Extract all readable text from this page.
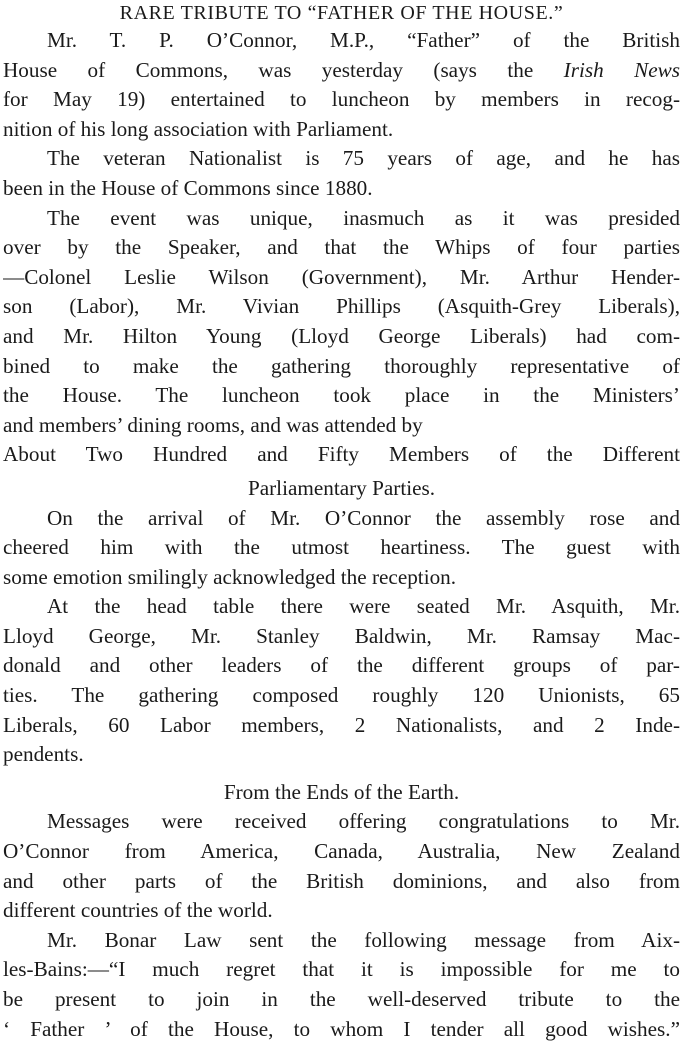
RARE TRIBUTE TO “FATHER OF THE HOUSE.”
Mr. T. P. O’Connor, M.P., “Father” of the British
House of Commons, was yesterday (says the Irish News
for May 19) entertained to luncheon by members in recog-
nition of his long association with Parliament.
The veteran Nationalist is 75 years of age, and he has
been in the House of Commons since 1880.
The event was unique, inasmuch as it was presided
over by the Speaker, and that the Whips of four parties
—Colonel Leslie Wilson (Government), Mr. Arthur Hender-
son (Labor), Mr. Vivian Phillips (Asquith-Grey Liberals),
and Mr. Hilton Young (Lloyd George Liberals) had com-
bined to make the gathering thoroughly representative of
the House. The luncheon took place in the Ministers’
and members’ dining rooms, and was attended by
About Two Hundred and Fifty Members of the Different
Parliamentary Parties.
On the arrival of Mr. O’Connor the assembly rose and
cheered him with the utmost heartiness. The guest with
some emotion smilingly acknowledged the reception.
At the head table there were seated Mr. Asquith, Mr.
Lloyd George, Mr. Stanley Baldwin, Mr. Ramsay Mac-
donald and other leaders of the different groups of par-
ties. The gathering composed roughly 120 Unionists, 65
Liberals, 60 Labor members, 2 Nationalists, and 2 Inde-
pendents.
From the Ends of the Earth.
Messages were received offering congratulations to Mr.
O’Connor from America, Canada, Australia, New Zealand
and other parts of the British dominions, and also from
different countries of the world.
Mr. Bonar Law sent the following message from Aix-
les-Bains:—“I much regret that it is impossible for me to
be present to join in the well-deserved tribute to the
‘ Father ’ of the House, to whom I tender all good wishes.”
